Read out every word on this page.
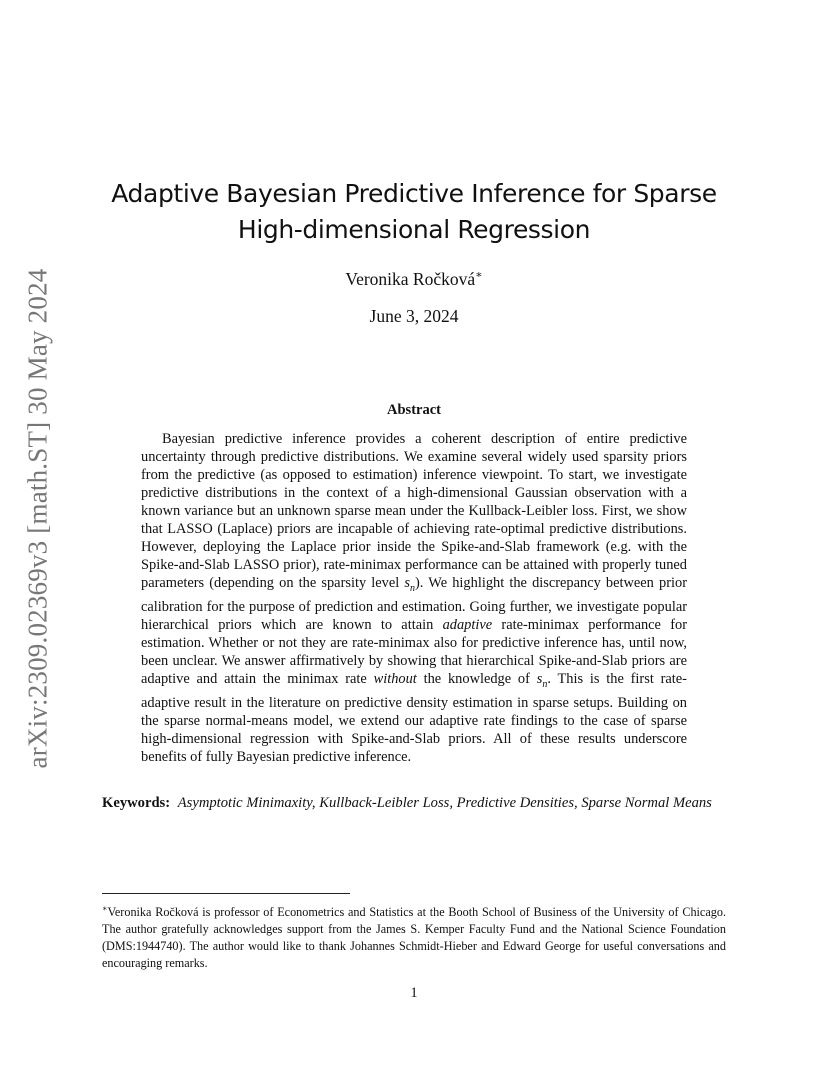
arXiv:2309.02369v3 [math.ST] 30 May 2024
Adaptive Bayesian Predictive Inference for Sparse High-dimensional Regression
Veronika Ročková∗
June 3, 2024
Abstract
Bayesian predictive inference provides a coherent description of entire predictive uncertainty through predictive distributions. We examine several widely used sparsity priors from the predictive (as opposed to estimation) inference viewpoint. To start, we investigate predictive distributions in the context of a high-dimensional Gaussian observation with a known variance but an unknown sparse mean under the Kullback-Leibler loss. First, we show that LASSO (Laplace) priors are incapable of achieving rate-optimal predictive distributions. However, deploying the Laplace prior inside the Spike-and-Slab framework (e.g. with the Spike-and-Slab LASSO prior), rate-minimax performance can be attained with properly tuned parameters (depending on the sparsity level $s_n$). We highlight the discrepancy between prior calibration for the purpose of prediction and estimation. Going further, we investigate popular hierarchical priors which are known to attain adaptive rate-minimax performance for estimation. Whether or not they are rate-minimax also for predictive inference has, until now, been unclear. We answer affirmatively by showing that hierarchical Spike-and-Slab priors are adaptive and attain the minimax rate without the knowledge of $s_n$. This is the first rate-adaptive result in the literature on predictive density estimation in sparse setups. Building on the sparse normal-means model, we extend our adaptive rate findings to the case of sparse high-dimensional regression with Spike-and-Slab priors. All of these results underscore benefits of fully Bayesian predictive inference.
Keywords: Asymptotic Minimaxity, Kullback-Leibler Loss, Predictive Densities, Sparse Normal Means
∗Veronika Ročková is professor of Econometrics and Statistics at the Booth School of Business of the University of Chicago. The author gratefully acknowledges support from the James S. Kemper Faculty Fund and the National Science Foundation (DMS:1944740). The author would like to thank Johannes Schmidt-Hieber and Edward George for useful conversations and encouraging remarks.
1
